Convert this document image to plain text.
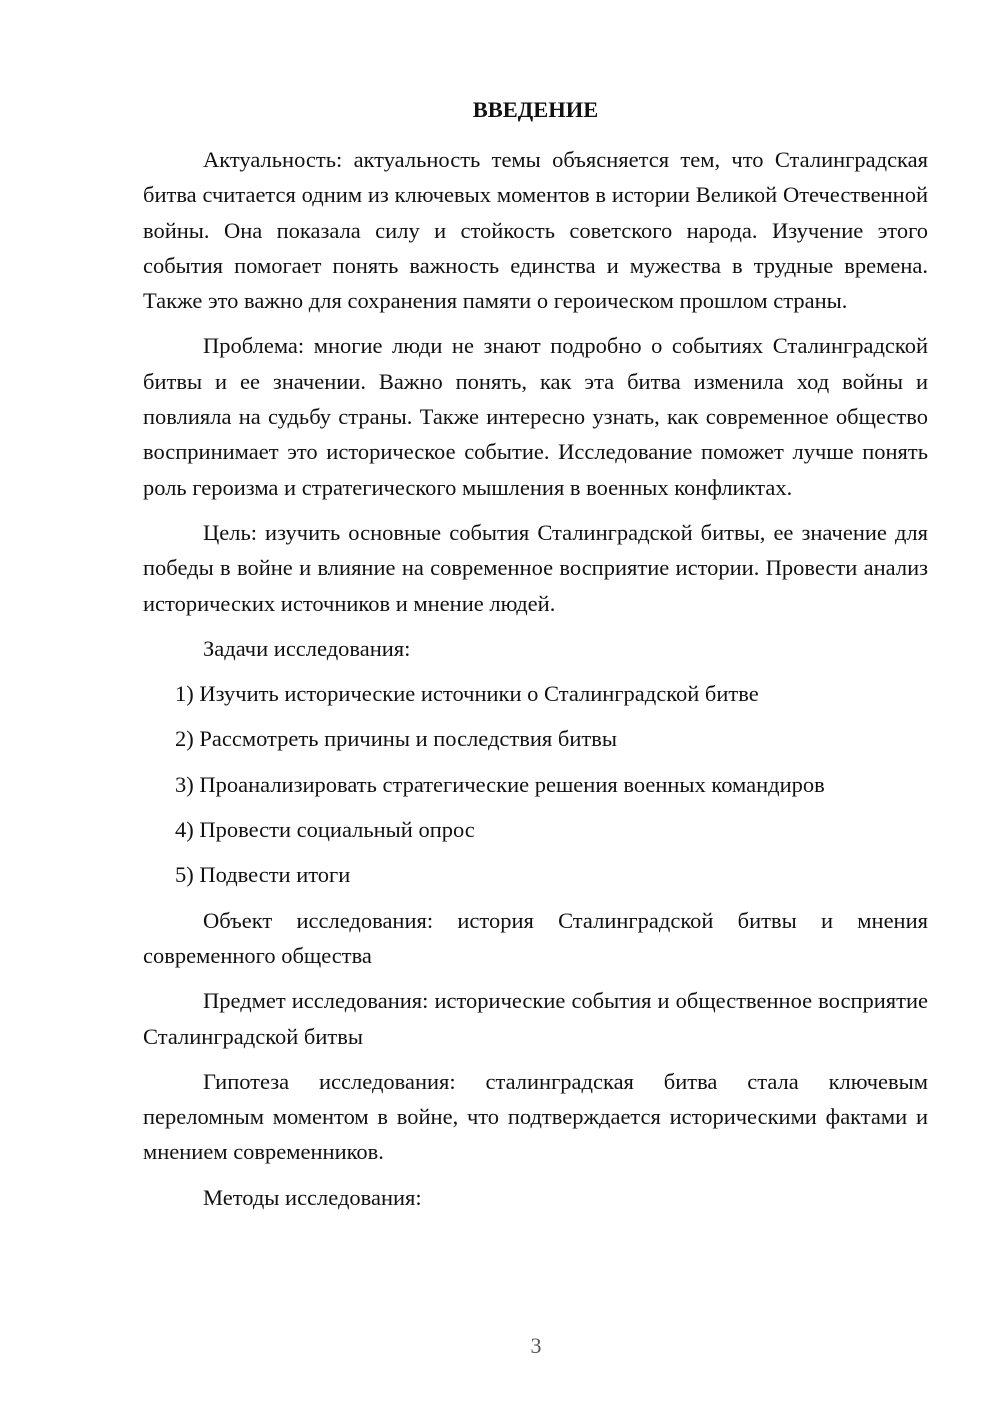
ВВЕДЕНИЕ

Актуальность: актуальность темы объясняется тем, что Сталинградская битва считается одним из ключевых моментов в истории Великой Отечественной войны. Она показала силу и стойкость советского народа. Изучение этого события помогает понять важность единства и мужества в трудные времена. Также это важно для сохранения памяти о героическом прошлом страны.

Проблема: многие люди не знают подробно о событиях Сталинградской битвы и ее значении. Важно понять, как эта битва изменила ход войны и повлияла на судьбу страны. Также интересно узнать, как современное общество воспринимает это историческое событие. Исследование поможет лучше понять роль героизма и стратегического мышления в военных конфликтах.

Цель: изучить основные события Сталинградской битвы, ее значение для победы в войне и влияние на современное восприятие истории. Провести анализ исторических источников и мнение людей.

Задачи исследования:

1) Изучить исторические источники о Сталинградской битве
2) Рассмотреть причины и последствия битвы
3) Проанализировать стратегические решения военных командиров
4) Провести социальный опрос
5) Подвести итоги

Объект исследования: история Сталинградской битвы и мнения современного общества

Предмет исследования: исторические события и общественное восприятие Сталинградской битвы

Гипотеза исследования: сталинградская битва стала ключевым переломным моментом в войне, что подтверждается историческими фактами и мнением современников.

Методы исследования:

3
